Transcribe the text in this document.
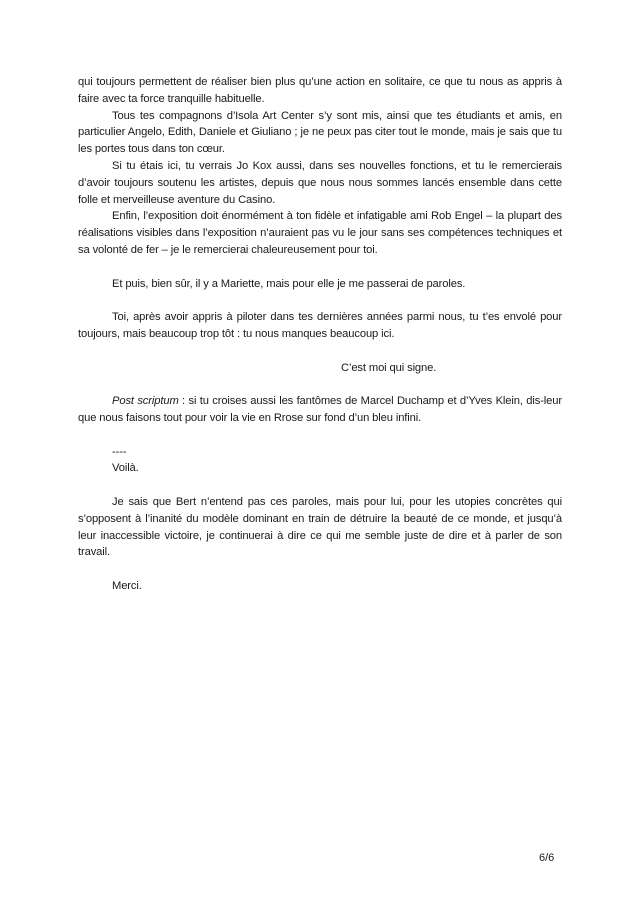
qui toujours permettent de réaliser bien plus qu’une action en solitaire, ce que tu nous as appris à faire avec ta force tranquille habituelle.

Tous tes compagnons d’Isola Art Center s’y sont mis, ainsi que tes étudiants et amis, en particulier Angelo, Edith, Daniele et Giuliano ; je ne peux pas citer tout le monde, mais je sais que tu les portes tous dans ton cœur.

Si tu étais ici, tu verrais Jo Kox aussi, dans ses nouvelles fonctions, et tu le remercierais d’avoir toujours soutenu les artistes, depuis que nous nous sommes lancés ensemble dans cette folle et merveilleuse aventure du Casino.

Enfin, l’exposition doit énormément à ton fidèle et infatigable ami Rob Engel – la plupart des réalisations visibles dans l’exposition n’auraient pas vu le jour sans ses compétences techniques et sa volonté de fer – je le remercierai chaleureusement pour toi.

Et puis, bien sûr, il y a Mariette, mais pour elle je me passerai de paroles.

Toi, après avoir appris à piloter dans tes dernières années parmi nous, tu t’es envolé pour toujours, mais beaucoup trop tôt : tu nous manques beaucoup ici.

C’est moi qui signe.

Post scriptum : si tu croises aussi les fantômes de Marcel Duchamp et d’Yves Klein, dis-leur que nous faisons tout pour voir la vie en Rrose sur fond d’un bleu infini.

----

Voilà.

Je sais que Bert n’entend pas ces paroles, mais pour lui, pour les utopies concrètes qui s’opposent à l’inanité du modèle dominant en train de détruire la beauté de ce monde, et jusqu’à leur inaccessible victoire, je continuerai à dire ce qui me semble juste de dire et à parler de son travail.

Merci.

6/6
